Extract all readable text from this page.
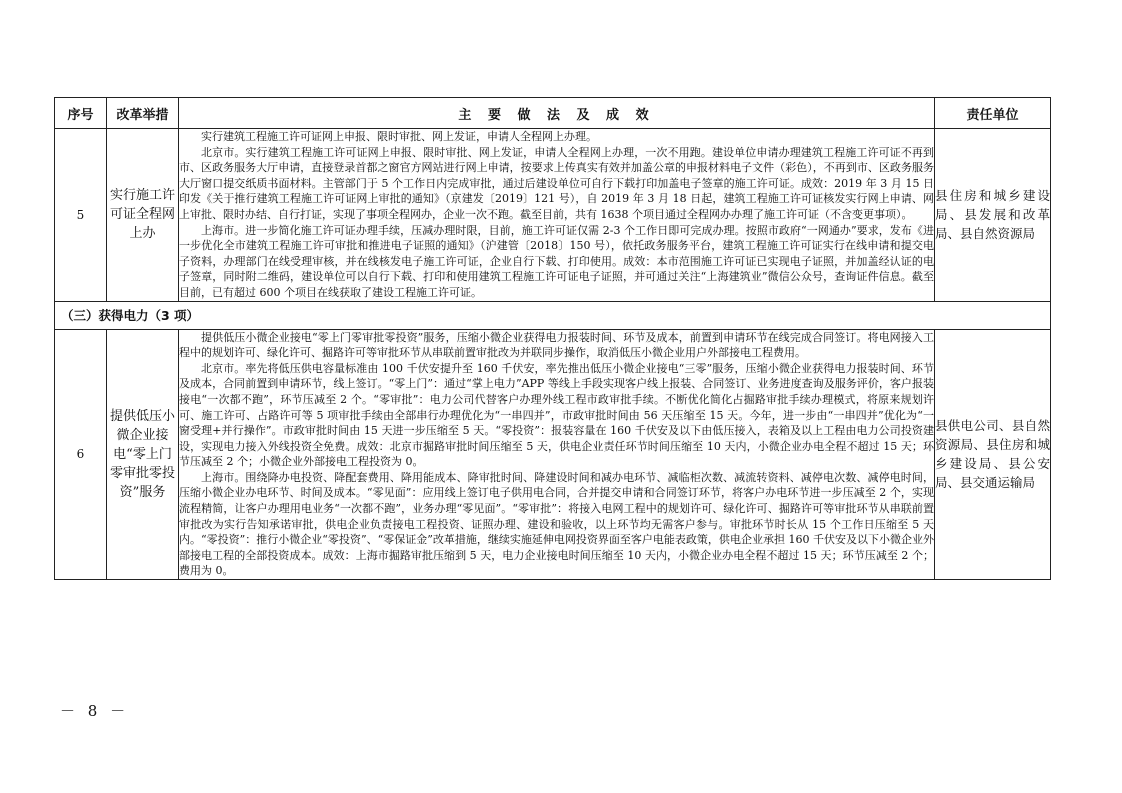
序号	改革举措	主 要 做 法 及 成 效	责任单位
5	实行施工许可证全程网上办	实行建筑工程施工许可证网上申报、限时审批、网上发证，申请人全程网上办理。

北京市。实行建筑工程施工许可证网上申报、限时审批、网上发证，申请人全程网上办理，一次不用跑。建设单位申请办理建筑工程施工许可证不再到市、区政务服务大厅申请，直接登录首都之窗官方网站进行网上申请，按要求上传真实有效并加盖公章的申报材料电子文件（彩色），不再到市、区政务服务大厅窗口提交纸质书面材料。主管部门于 5 个工作日内完成审批，通过后建设单位可自行下载打印加盖电子签章的施工许可证。成效：2019 年 3 月 15 日印发《关于推行建筑工程施工许可证网上审批的通知》（京建发〔2019〕121 号），自 2019 年 3 月 18 日起，建筑工程施工许可证核发实行网上申请、网上审批、限时办结、自行打证，实现了事项全程网办，企业一次不跑。截至目前，共有 1638 个项目通过全程网办办理了施工许可证（不含变更事项）。

上海市。进一步简化施工许可证办理手续，压减办理时限，目前，施工许可证仅需 2-3 个工作日即可完成办理。按照市政府“一网通办”要求，发布《进一步优化全市建筑工程施工许可审批和推进电子证照的通知》（沪建管〔2018〕150 号），依托政务服务平台，建筑工程施工许可证实行在线申请和提交电子资料，办理部门在线受理审核，并在线核发电子施工许可证，企业自行下载、打印使用。成效：本市范围施工许可证已实现电子证照，并加盖经认证的电子签章，同时附二维码，建设单位可以自行下载、打印和使用建筑工程施工许可证电子证照，并可通过关注“上海建筑业”微信公众号，查询证件信息。截至目前，已有超过 600 个项目在线获取了建设工程施工许可证。	县住房和城乡建设局、县发展和改革局、县自然资源局
（三）获得电力（3 项）			
6	提供低压小微企业接电“零上门零审批零投资”服务	提供低压小微企业接电“零上门零审批零投资”服务，压缩小微企业获得电力报装时间、环节及成本，前置到申请环节在线完成合同签订。将电网接入工程中的规划许可、绿化许可、掘路许可等审批环节从串联前置审批改为并联同步操作，取消低压小微企业用户外部接电工程费用。

北京市。率先将低压供电容量标准由 100 千伏安提升至 160 千伏安，率先推出低压小微企业接电“三零”服务，压缩小微企业获得电力报装时间、环节及成本，合同前置到申请环节，线上签订。“零上门”：通过“掌上电力”APP 等线上手段实现客户线上报装、合同签订、业务进度查询及服务评价，客户报装接电“一次都不跑”，环节压减至 2 个。“零审批”：电力公司代替客户办理外线工程市政审批手续。不断优化简化占掘路审批手续办理模式，将原来规划许可、施工许可、占路许可等 5 项审批手续由全部串行办理优化为“一串四并”，市政审批时间由 56 天压缩至 15 天。今年，进一步由“一串四并”优化为“一窗受理+并行操作”。市政审批时间由 15 天进一步压缩至 5 天。“零投资”：报装容量在 160 千伏安及以下由低压接入，表箱及以上工程由电力公司投资建设，实现电力接入外线投资全免费。成效：北京市掘路审批时间压缩至 5 天，供电企业责任环节时间压缩至 10 天内，小微企业办电全程不超过 15 天；环节压减至 2 个；小微企业外部接电工程投资为 0。

上海市。围绕降办电投资、降配套费用、降用能成本、降审批时间、降建设时间和减办电环节、减临柜次数、减流转资料、减停电次数、减停电时间，压缩小微企业办电环节、时间及成本。“零见面”：应用线上签订电子供用电合同，合并提交申请和合同签订环节，将客户办电环节进一步压减至 2 个，实现流程精简，让客户办理用电业务“一次都不跑”，业务办理“零见面”。“零审批”：将接入电网工程中的规划许可、绿化许可、掘路许可等审批环节从串联前置审批改为实行告知承诺审批，供电企业负责接电工程投资、证照办理、建设和验收，以上环节均无需客户参与。审批环节时长从 15 个工作日压缩至 5 天内。“零投资”：推行小微企业“零投资”、“零保证金”改革措施，继续实施延伸电网投资界面至客户电能表政策，供电企业承担 160 千伏安及以下小微企业外部接电工程的全部投资成本。成效：上海市掘路审批压缩到 5 天，电力企业接电时间压缩至 10 天内，小微企业办电全程不超过 15 天；环节压减至 2 个；费用为 0。	县供电公司、县自然资源局、县住房和城乡建设局、县公安局、县交通运输局
－ 8 －
